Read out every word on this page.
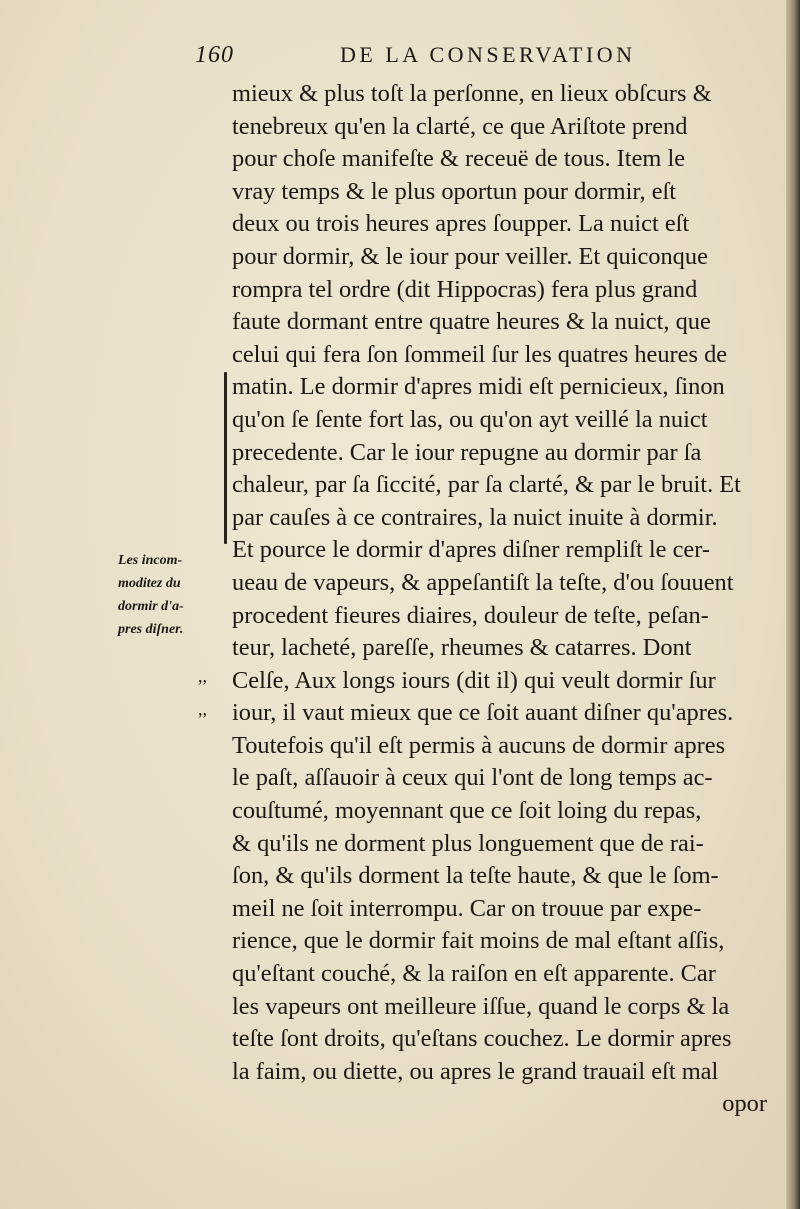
160	DE LA CONSERVATION
Les incom-
moditez du
dormir d'a-
pres diſner.
,,
,,
mieux & plus toſt la perſonne, en lieux obſcurs &
tenebreux qu'en la clarté, ce que Ariſtote prend
pour choſe manifeſte & receuë de tous. Item le
vray temps & le plus oportun pour dormir, eſt
deux ou trois heures apres ſoupper. La nuict eſt
pour dormir, & le iour pour veiller. Et quiconque
rompra tel ordre (dit Hippocras) fera plus grand
faute dormant entre quatre heures & la nuict, que
celui qui fera ſon ſommeil ſur les quatres heures de
matin. Le dormir d'apres midi eſt pernicieux, ſinon
qu'on ſe ſente fort las, ou qu'on ayt veillé la nuict
precedente. Car le iour repugne au dormir par ſa
chaleur, par ſa ſiccité, par ſa clarté, & par le bruit. Et
par cauſes à ce contraires, la nuict inuite à dormir.
Et pource le dormir d'apres diſner rempliſt le cer-
ueau de vapeurs, & appeſantiſt la teſte, d'ou ſouuent
procedent fieures diaires, douleur de teſte, peſan-
teur, lacheté, pareſſe, rheumes & catarres. Dont
Celſe, Aux longs iours (dit il) qui veult dormir ſur
iour, il vaut mieux que ce ſoit auant diſner qu'apres.
Toutefois qu'il eſt permis à aucuns de dormir apres
le paſt, aſſauoir à ceux qui l'ont de long temps ac-
couſtumé, moyennant que ce ſoit loing du repas,
& qu'ils ne dorment plus longuement que de rai-
ſon, & qu'ils dorment la teſte haute, & que le ſom-
meil ne ſoit interrompu. Car on trouue par expe-
rience, que le dormir fait moins de mal eſtant aſſis,
qu'eſtant couché, & la raiſon en eſt apparente. Car
les vapeurs ont meilleure iſſue, quand le corps & la
teſte ſont droits, qu'eſtans couchez. Le dormir apres
la faim, ou diette, ou apres le grand trauail eſt mal
opor
